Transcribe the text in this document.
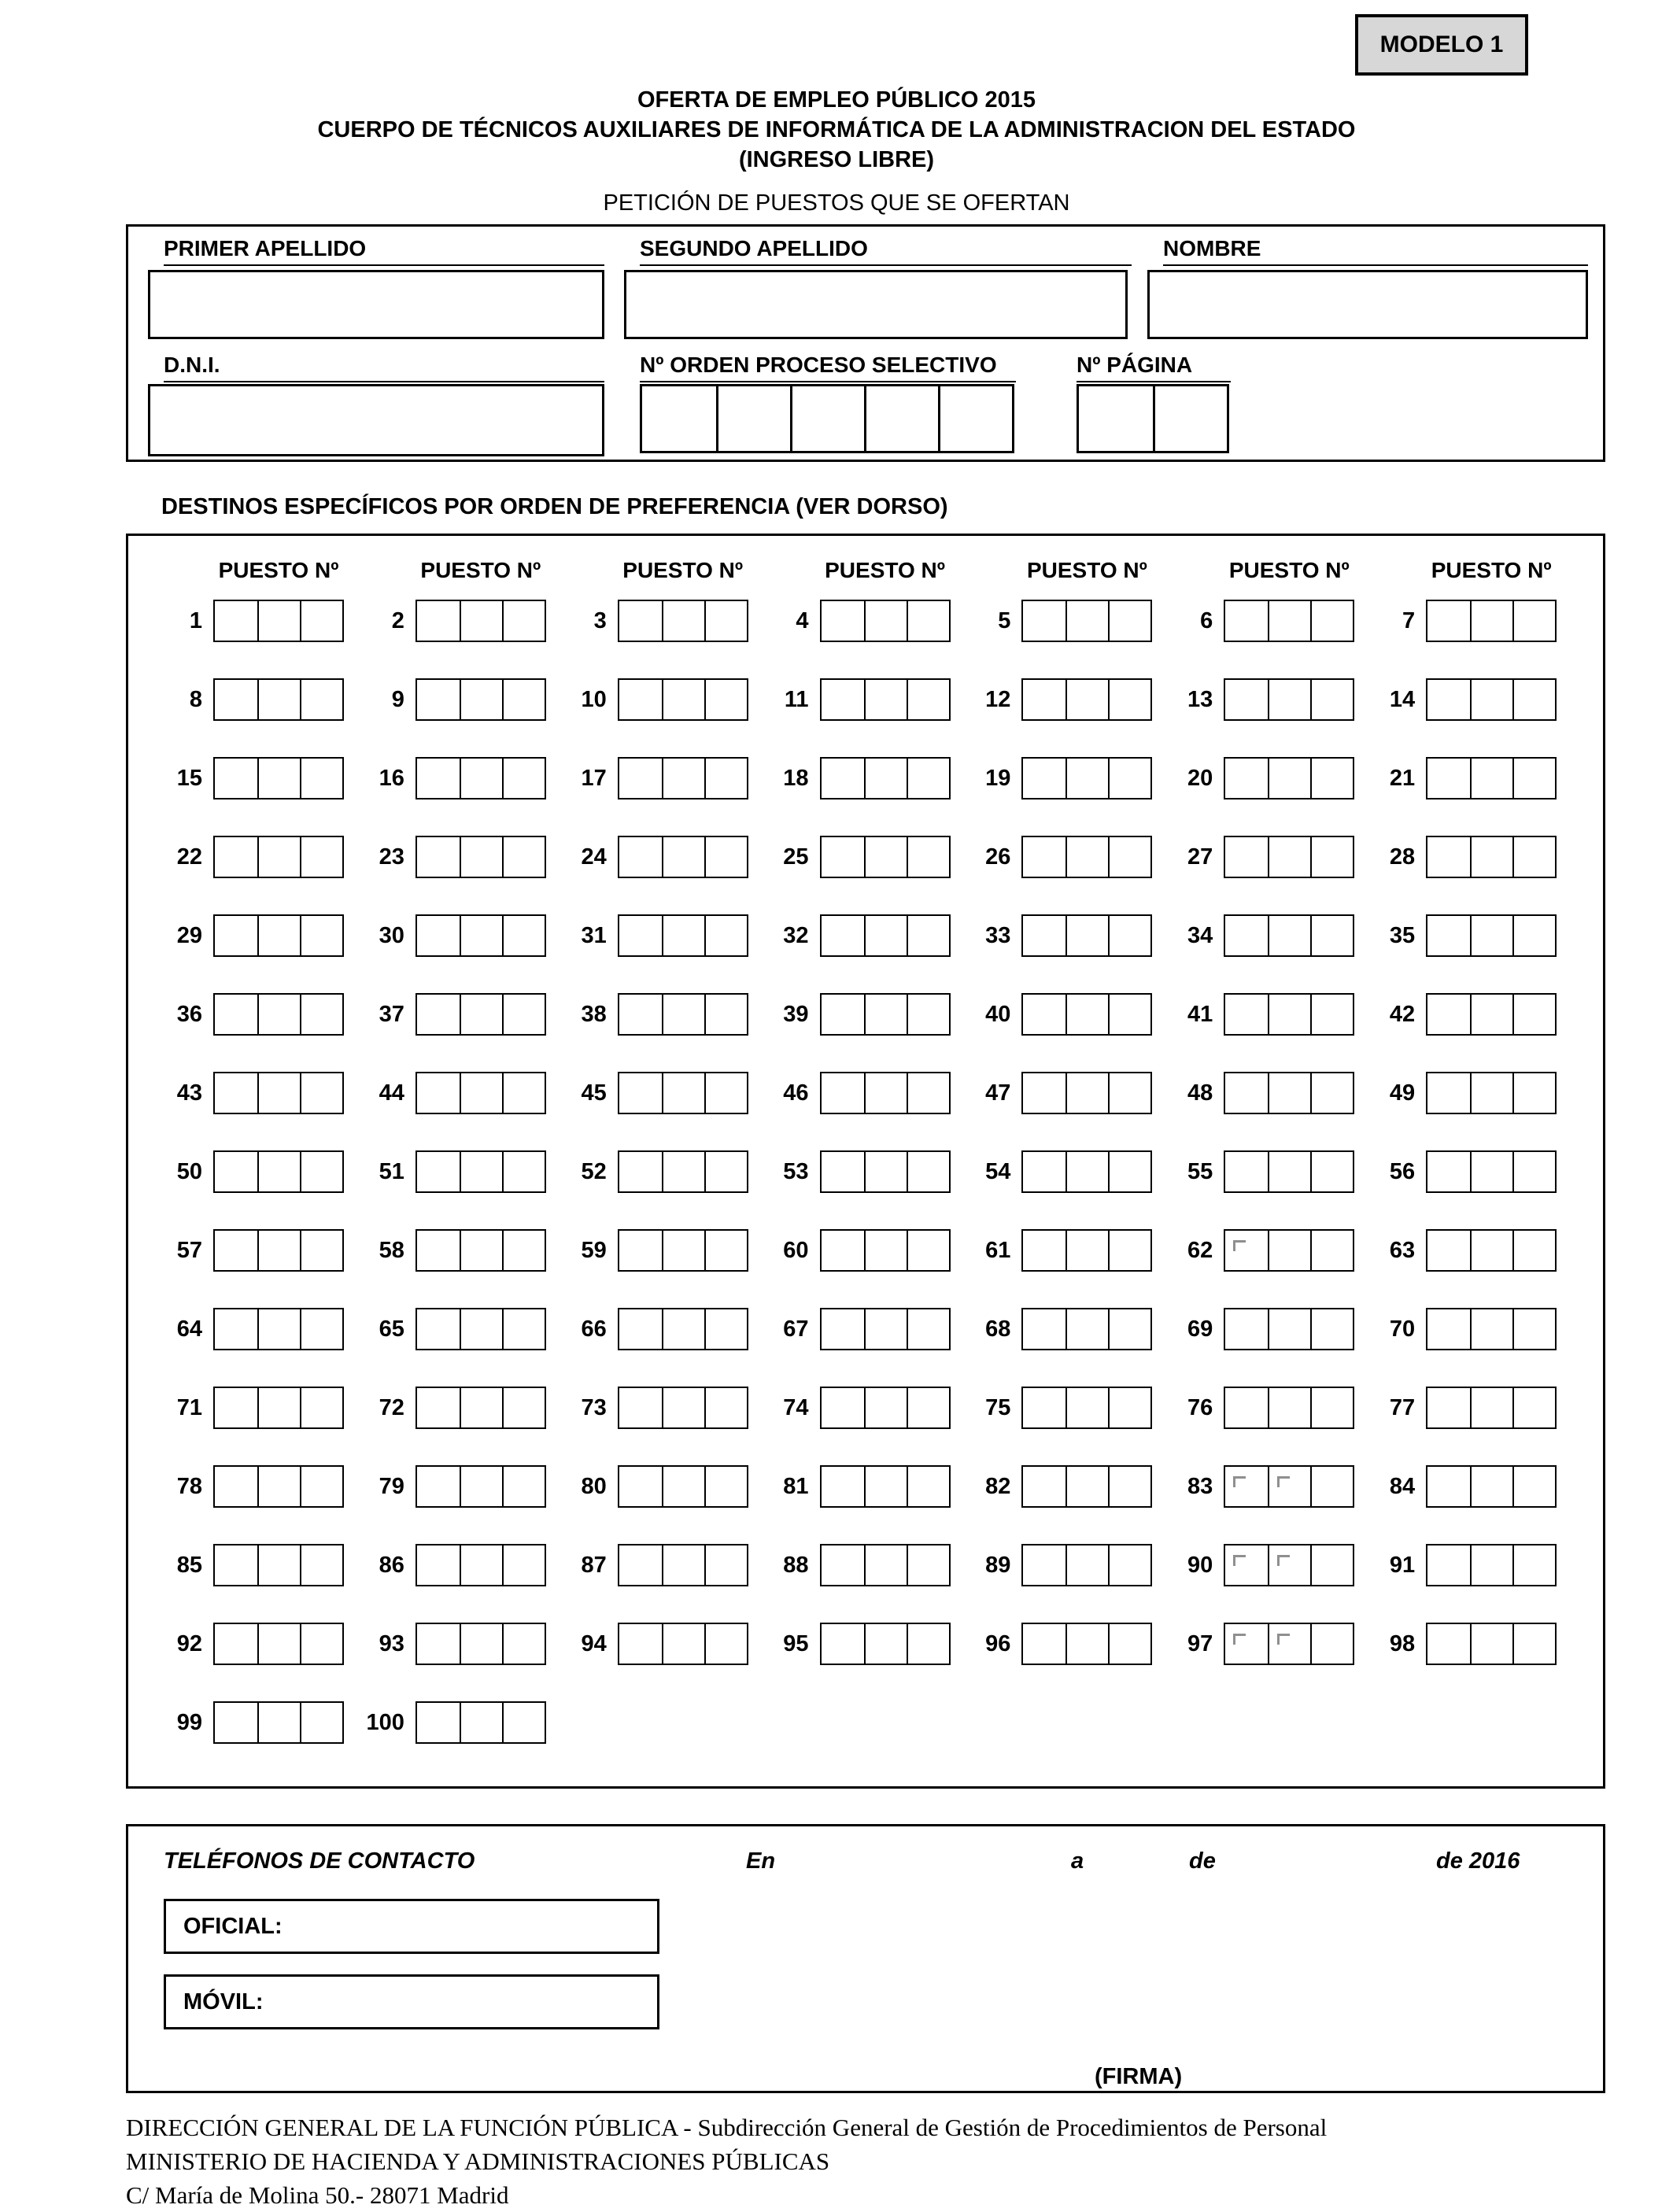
MODELO 1
OFERTA DE EMPLEO PÚBLICO 2015
CUERPO DE TÉCNICOS AUXILIARES DE INFORMÁTICA DE LA ADMINISTRACION DEL ESTADO
(INGRESO LIBRE)
PETICIÓN DE PUESTOS QUE SE OFERTAN
PRIMER APELLIDO	SEGUNDO APELLIDO	NOMBRE
D.N.I.	Nº ORDEN PROCESO SELECTIVO	Nº PÁGINA
DESTINOS ESPECÍFICOS POR ORDEN DE PREFERENCIA (VER DORSO)
PUESTO Nº	PUESTO Nº	PUESTO Nº	PUESTO Nº	PUESTO Nº	PUESTO Nº	PUESTO Nº
1	2	3	4	5	6	7
8	9	10	11	12	13	14
15	16	17	18	19	20	21
22	23	24	25	26	27	28
29	30	31	32	33	34	35
36	37	38	39	40	41	42
43	44	45	46	47	48	49
50	51	52	53	54	55	56
57	58	59	60	61	62	63
64	65	66	67	68	69	70
71	72	73	74	75	76	77
78	79	80	81	82	83	84
85	86	87	88	89	90	91
92	93	94	95	96	97	98
99	100
TELÉFONOS DE CONTACTO	En	a	de	de 2016
OFICIAL:
MÓVIL:
(FIRMA)
DIRECCIÓN GENERAL DE LA FUNCIÓN PÚBLICA - Subdirección General de Gestión de Procedimientos de Personal
MINISTERIO DE HACIENDA Y ADMINISTRACIONES PÚBLICAS
C/ María de Molina 50.- 28071 Madrid
